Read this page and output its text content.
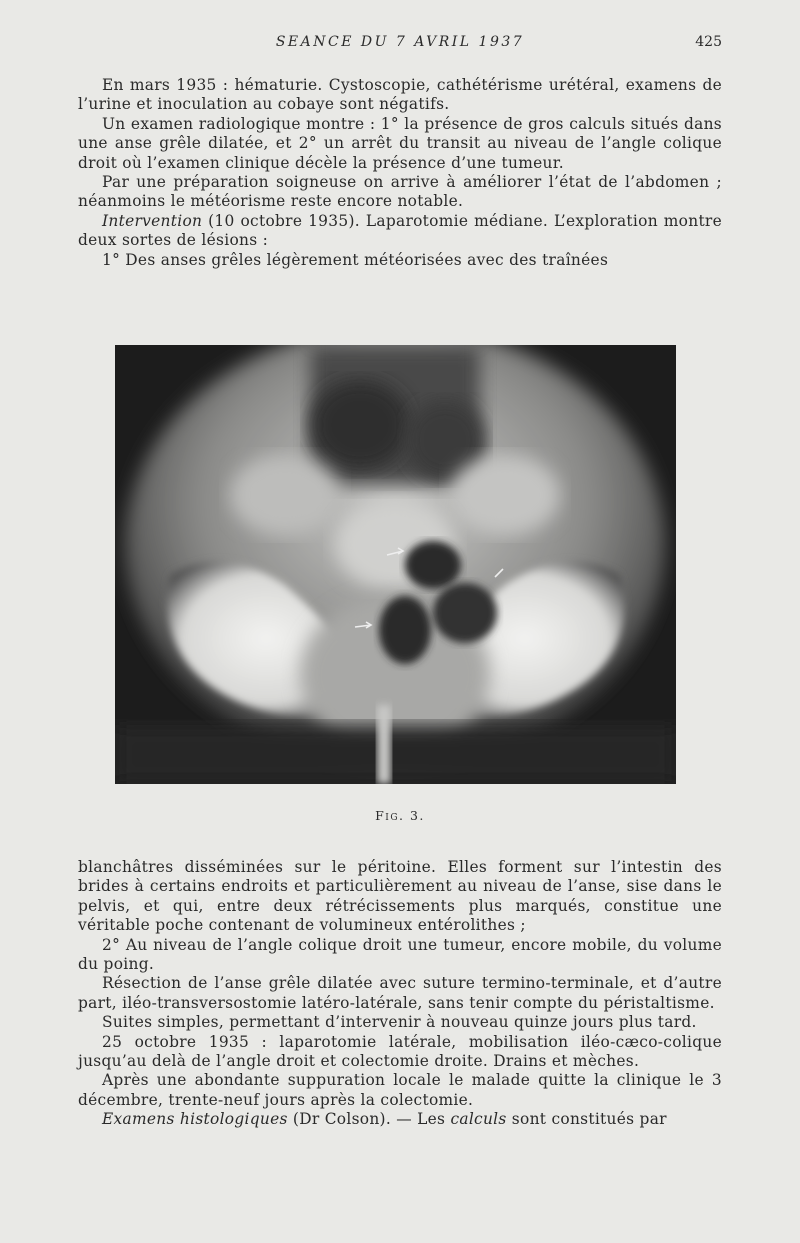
SEANCE DU 7 AVRIL 1937	425

En mars 1935 : hématurie. Cystoscopie, cathétérisme urétéral, examens de l’urine et inoculation au cobaye sont négatifs.

Un examen radiologique montre : 1° la présence de gros calculs situés dans une anse grêle dilatée, et 2° un arrêt du transit au niveau de l’angle colique droit où l’examen clinique décèle la présence d’une tumeur.

Par une préparation soigneuse on arrive à améliorer l’état de l’abdomen ; néanmoins le météorisme reste encore notable.

Intervention (10 octobre 1935). Laparotomie médiane. L’exploration montre deux sortes de lésions :

1° Des anses grêles légèrement météorisées avec des traînées

Fig. 3.

blanchâtres disséminées sur le péritoine. Elles forment sur l’intestin des brides à certains endroits et particulièrement au niveau de l’anse, sise dans le pelvis, et qui, entre deux rétrécissements plus marqués, constitue une véritable poche contenant de volumineux entérolithes ;

2° Au niveau de l’angle colique droit une tumeur, encore mobile, du volume du poing.

Résection de l’anse grêle dilatée avec suture termino-terminale, et d’autre part, iléo-transversostomie latéro-latérale, sans tenir compte du péristaltisme.

Suites simples, permettant d’intervenir à nouveau quinze jours plus tard.

25 octobre 1935 : laparotomie latérale, mobilisation iléo-cæco-colique jusqu’au delà de l’angle droit et colectomie droite. Drains et mèches.

Après une abondante suppuration locale le malade quitte la clinique le 3 décembre, trente-neuf jours après la colectomie.

Examens histologiques (Dr Colson). — Les calculs sont constitués par
